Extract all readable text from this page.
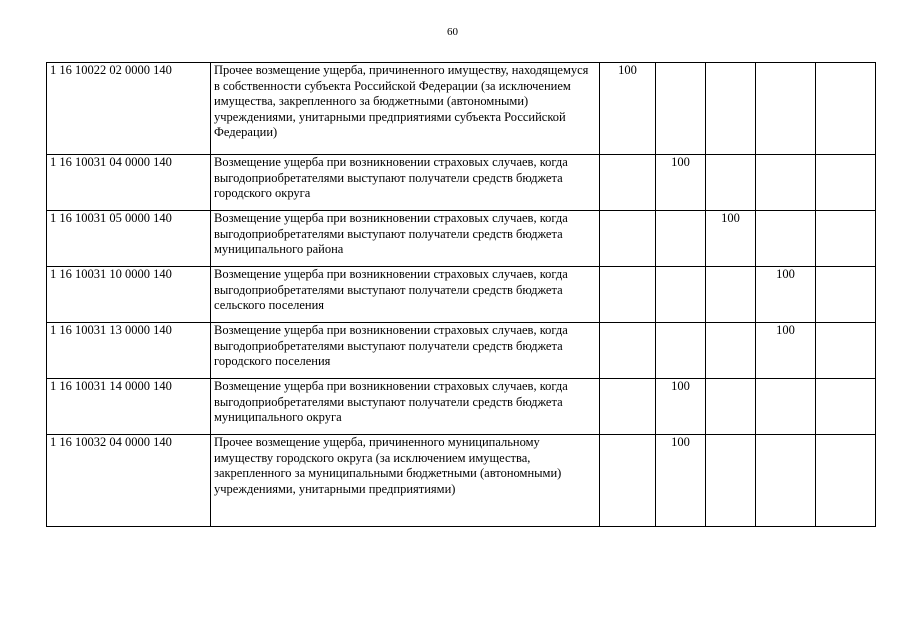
60
1 16 10022 02 0000 140	Прочее возмещение ущерба, причиненного имуществу, находящемуся в собственности субъекта Российской Федерации (за исключением имущества, закрепленного за бюджетными (автономными) учреждениями, унитарными предприятиями субъекта Российской Федерации)	100				
1 16 10031 04 0000 140	Возмещение ущерба при возникновении страховых случаев, когда выгодоприобретателями выступают получатели средств бюджета городского округа		100			
1 16 10031 05 0000 140	Возмещение ущерба при возникновении страховых случаев, когда выгодоприобретателями выступают получатели средств бюджета муниципального района			100		
1 16 10031 10 0000 140	Возмещение ущерба при возникновении страховых случаев, когда выгодоприобретателями выступают получатели средств бюджета сельского поселения				100	
1 16 10031 13 0000 140	Возмещение ущерба при возникновении страховых случаев, когда выгодоприобретателями выступают получатели средств бюджета городского поселения				100	
1 16 10031 14 0000 140	Возмещение ущерба при возникновении страховых случаев, когда выгодоприобретателями выступают получатели средств бюджета муниципального округа		100			
1 16 10032 04 0000 140	Прочее возмещение ущерба, причиненного муниципальному имуществу городского округа (за исключением имущества, закрепленного за муниципальными бюджетными (автономными) учреждениями, унитарными предприятиями)		100			
